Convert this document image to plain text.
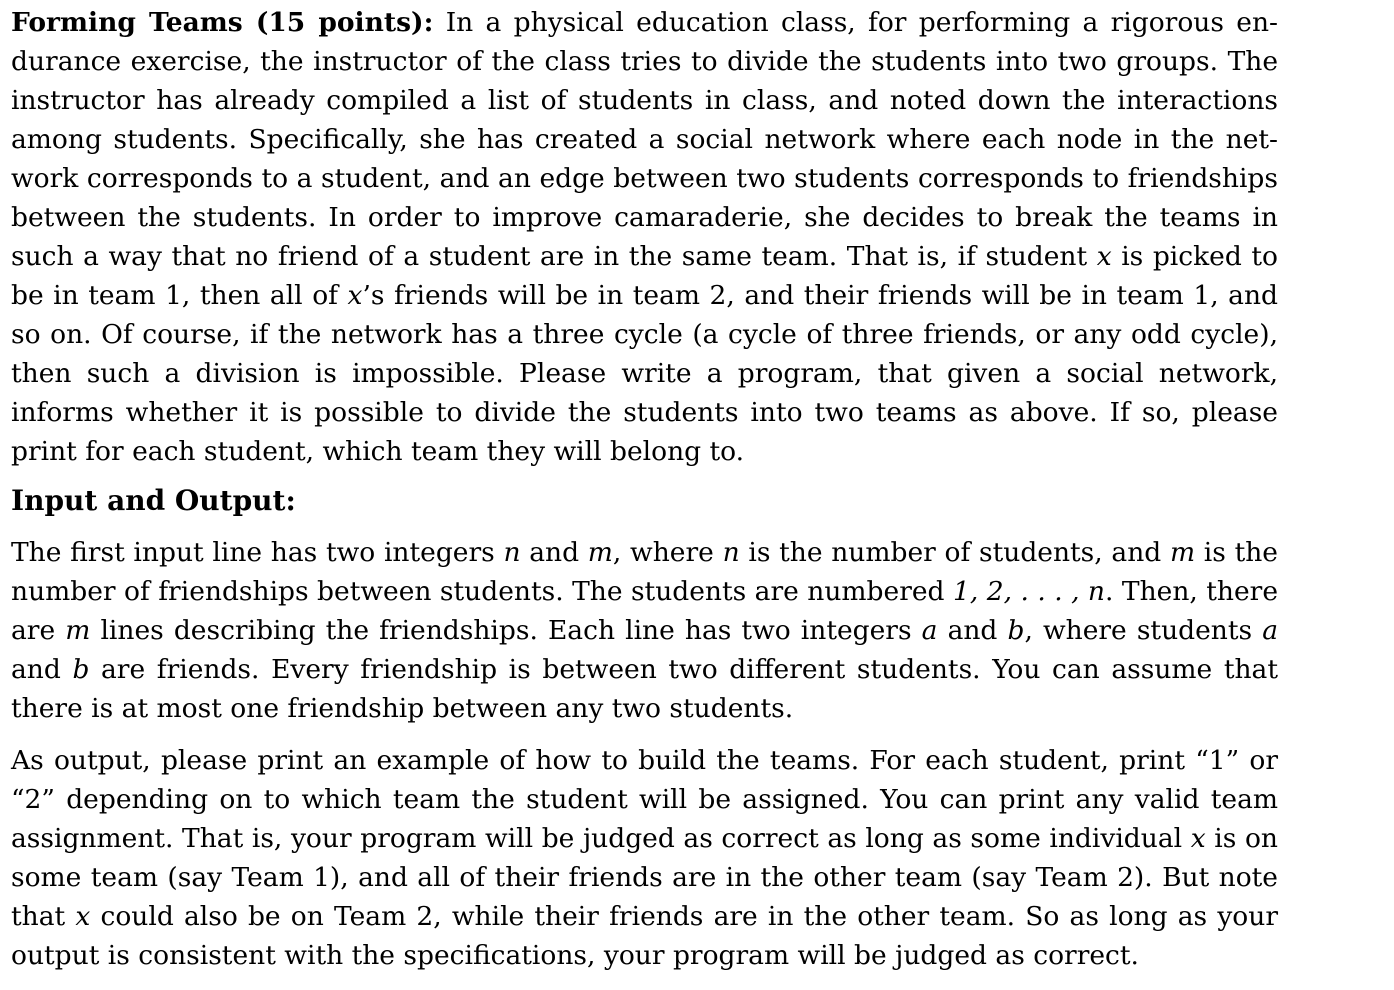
Forming Teams (15 points): In a physical education class, for performing a rigorous endurance exercise, the instructor of the class tries to divide the students into two groups. The instructor has already compiled a list of students in class, and noted down the interactions among students. Specifically, she has created a social network where each node in the network corresponds to a student, and an edge between two students corresponds to friendships between the students. In order to improve camaraderie, she decides to break the teams in such a way that no friend of a student are in the same team. That is, if student x is picked to be in team 1, then all of x’s friends will be in team 2, and their friends will be in team 1, and so on. Of course, if the network has a three cycle (a cycle of three friends, or any odd cycle), then such a division is impossible. Please write a program, that given a social network, informs whether it is possible to divide the students into two teams as above. If so, please print for each student, which team they will belong to.

Input and Output:

The first input line has two integers n and m, where n is the number of students, and m is the number of friendships between students. The students are numbered 1, 2, . . . , n. Then, there are m lines describing the friendships. Each line has two integers a and b, where students a and b are friends. Every friendship is between two different students. You can assume that there is at most one friendship between any two students.

As output, please print an example of how to build the teams. For each student, print “1” or “2” depending on to which team the student will be assigned. You can print any valid team assignment. That is, your program will be judged as correct as long as some individual x is on some team (say Team 1), and all of their friends are in the other team (say Team 2). But note that x could also be on Team 2, while their friends are in the other team. So as long as your output is consistent with the specifications, your program will be judged as correct.
